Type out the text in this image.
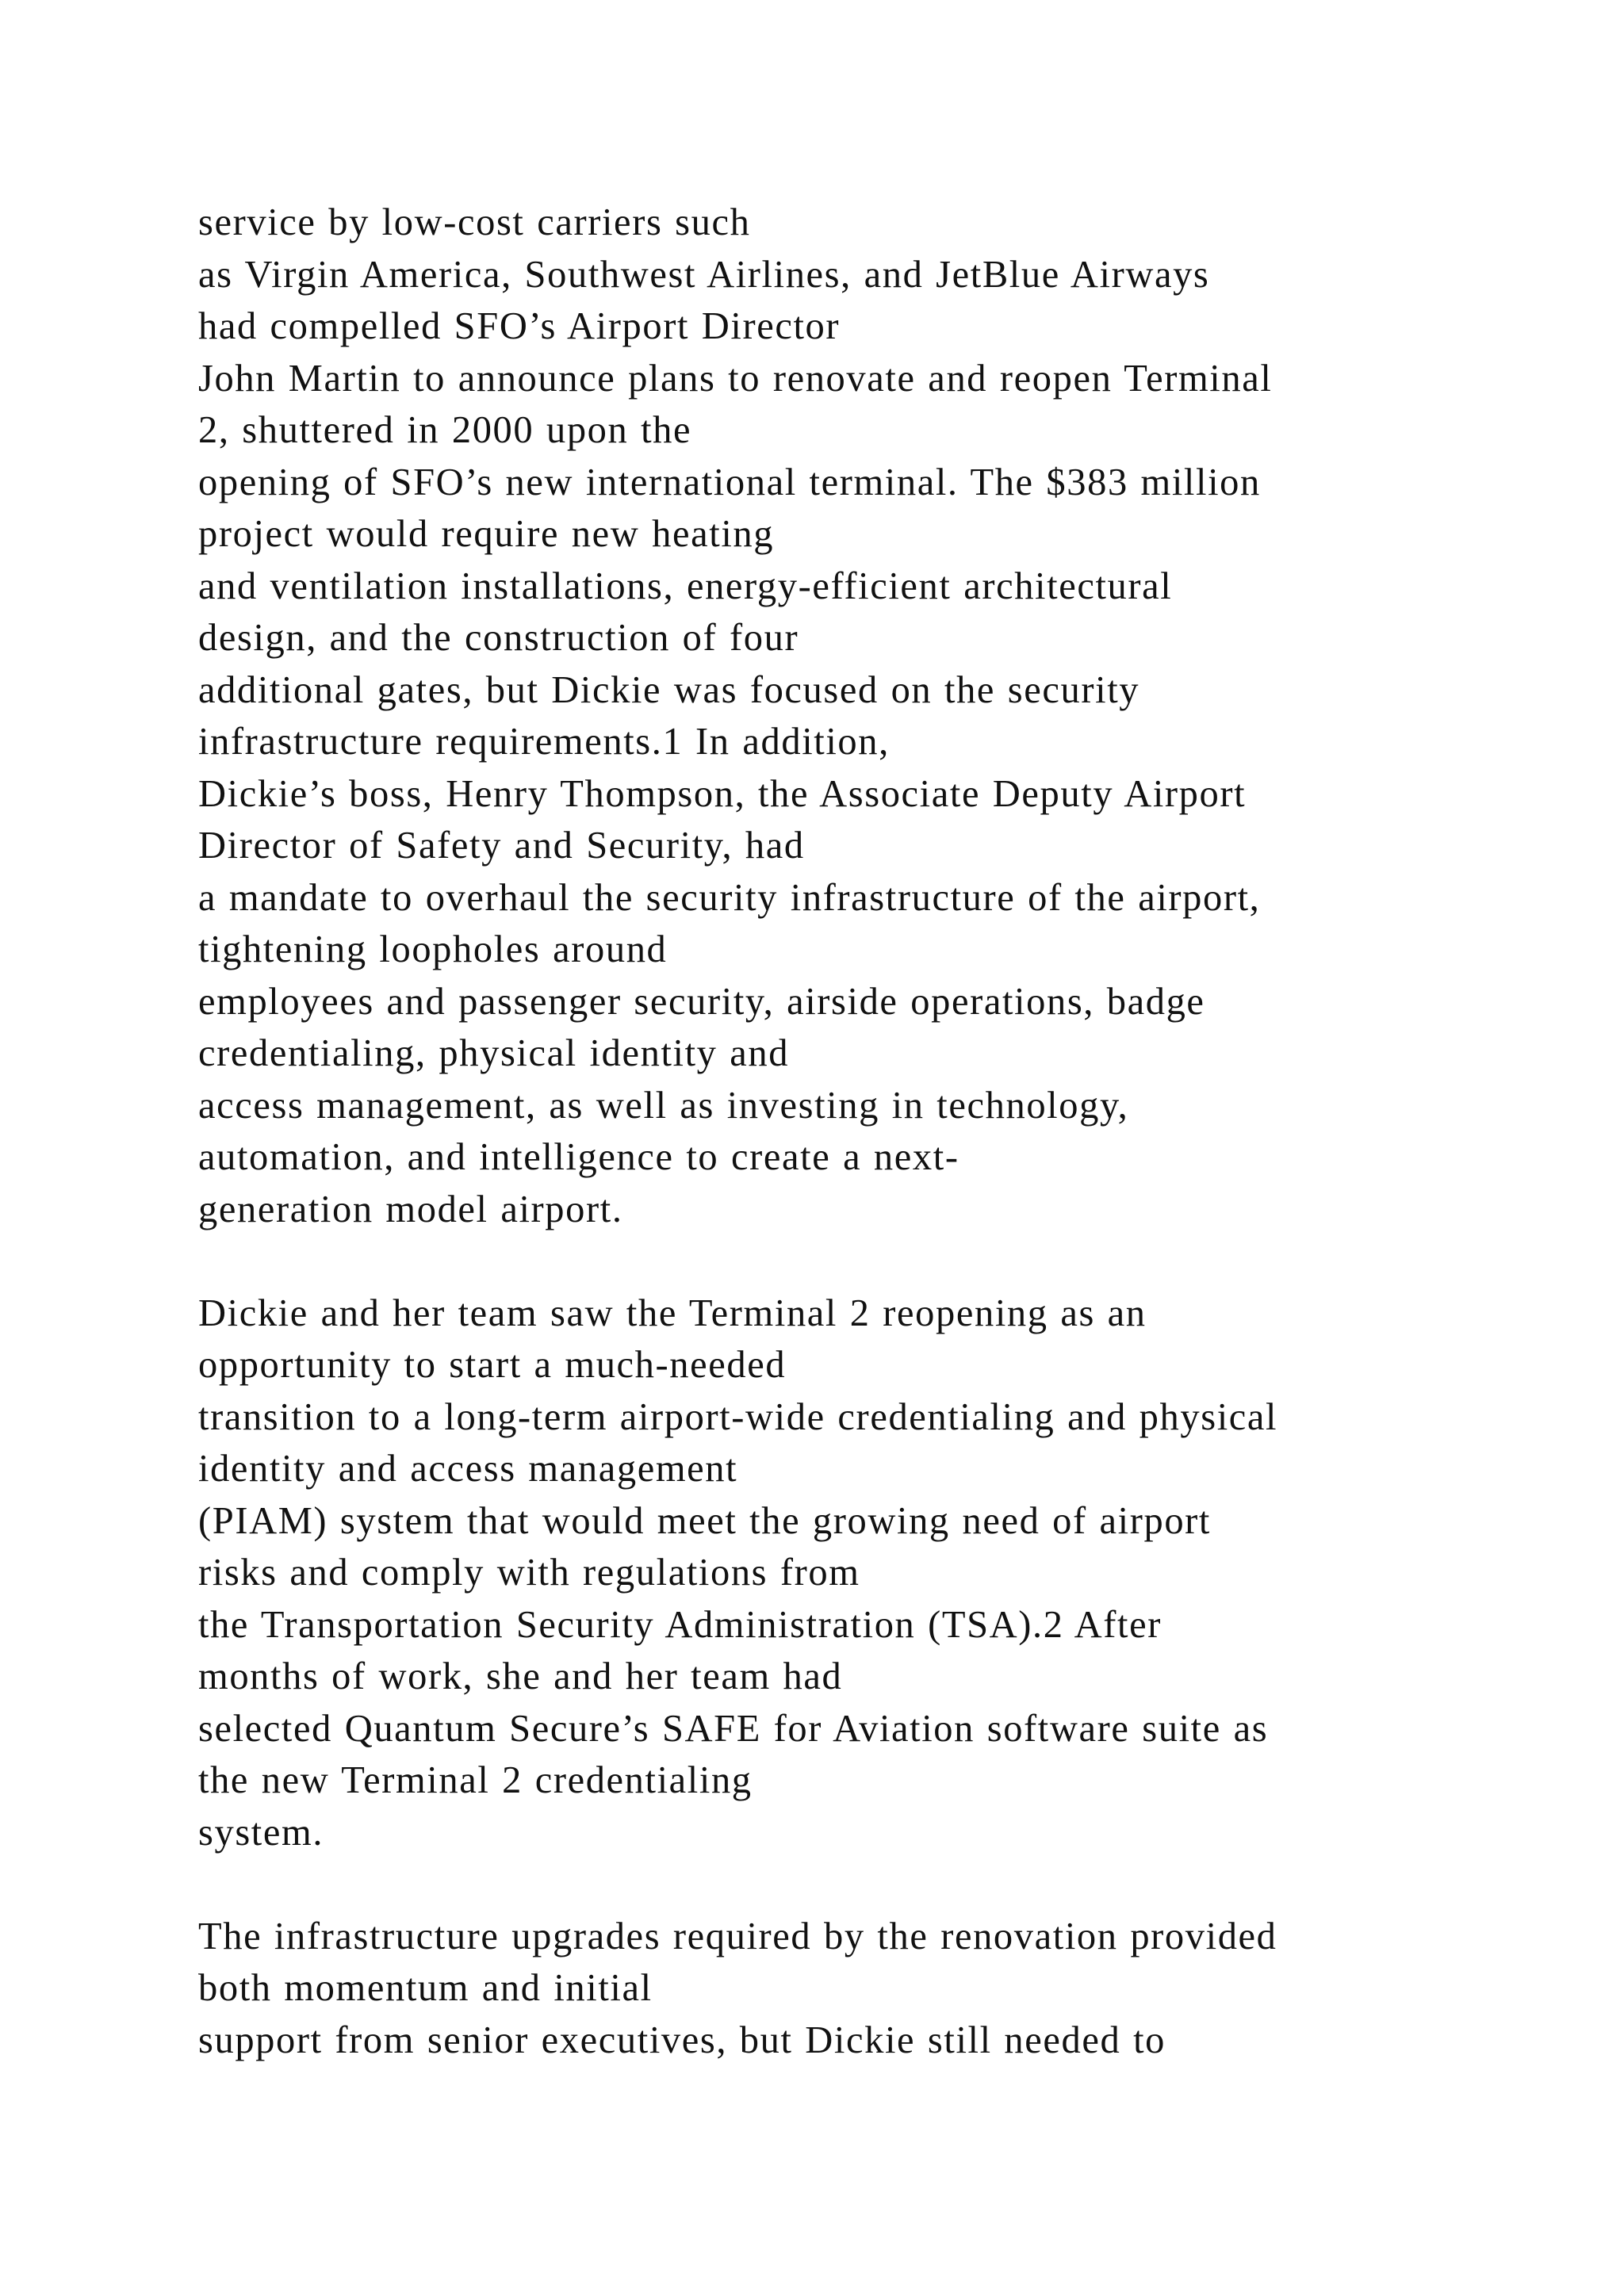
service by low-cost carriers such
as Virgin America, Southwest Airlines, and JetBlue Airways
had compelled SFO’s Airport Director
John Martin to announce plans to renovate and reopen Terminal
2, shuttered in 2000 upon the
opening of SFO’s new international terminal. The $383 million
project would require new heating
and ventilation installations, energy-efficient architectural
design, and the construction of four
additional gates, but Dickie was focused on the security
infrastructure requirements.1 In addition,
Dickie’s boss, Henry Thompson, the Associate Deputy Airport
Director of Safety and Security, had
a mandate to overhaul the security infrastructure of the airport,
tightening loopholes around
employees and passenger security, airside operations, badge
credentialing, physical identity and
access management, as well as investing in technology,
automation, and intelligence to create a next-
generation model airport.
Dickie and her team saw the Terminal 2 reopening as an
opportunity to start a much-needed
transition to a long-term airport-wide credentialing and physical
identity and access management
(PIAM) system that would meet the growing need of airport
risks and comply with regulations from
the Transportation Security Administration (TSA).2 After
months of work, she and her team had
selected Quantum Secure’s SAFE for Aviation software suite as
the new Terminal 2 credentialing
system.
The infrastructure upgrades required by the renovation provided
both momentum and initial
support from senior executives, but Dickie still needed to
